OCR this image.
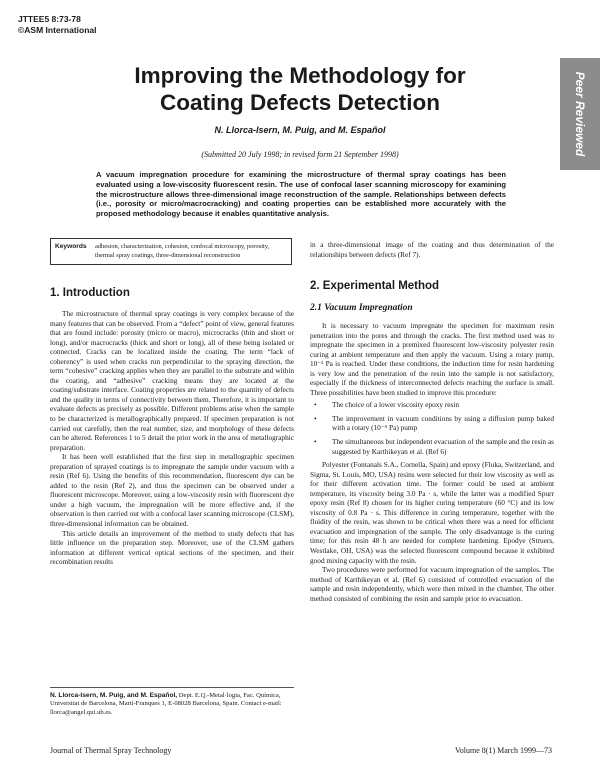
JTTEE5 8:73-78
©ASM International
Peer Reviewed
Improving the Methodology for
Coating Defects Detection
N. Llorca-Isern, M. Puig, and M. Español
(Submitted 20 July 1998; in revised form 21 September 1998)
A vacuum impregnation procedure for examining the microstructure of thermal spray coatings has been evaluated using a low-viscosity fluorescent resin. The use of confocal laser scanning microscopy for examining the microstructure allows three-dimensional image reconstruction of the sample. Relationships between defects (i.e., porosity or micro/macrocracking) and coating properties can be established more accurately with the proposed methodology because it enables quantitative analysis.
Keywords	adhesion, characterization, cohesion, confocal microscopy, porosity, thermal spray coatings, three-dimensional reconstruction
1. Introduction

The microstructure of thermal spray coatings is very complex because of the many features that can be observed. From a “defect” point of view, general features that are found include: porosity (micro or macro), microcracks (thin and short or long), and/or macrocracks (thick and short or long), all of these being isolated or connected. Cracks can be localized inside the coating. The term “lack of coherency” is used when cracks run perpendicular to the spraying direction, the term “cohesive” cracking applies when they are parallel to the substrate and within the coating, and “adhesive” cracking means they are located at the coating/substrate interface. Coating properties are related to the quantity of defects and the quality in terms of connectivity between them. Therefore, it is important to evaluate defects as precisely as possible. Different problems arise when the sample to be characterized is metallographically prepared. If specimen preparation is not carried out carefully, then the real number, size, and morphology of these defects can be altered. References 1 to 5 detail the prior work in the area of metallographic preparation.

It has been well established that the first step in metallographic specimen preparation of sprayed coatings is to impregnate the sample under vacuum with a resin (Ref 6). Using the benefits of this recommendation, fluorescent dye can be added to the resin (Ref 2), and thus the specimen can be observed under a fluorescent microscope. Moreover, using a low-viscosity resin with fluorescent dye under a high vacuum, the impregnation will be more effective and, if the observation is then carried out with a confocal laser scanning microscope (CLSM), three-dimensional information can be obtained.

This article details an improvement of the method to study defects that has little influence on the preparation step. Moreover, use of the CLSM gathers information at different vertical optical sections of the specimen, and their recombination results

N. Llorca-Isern, M. Puig, and M. Español, Dept. E.Q.-Metal·logia, Fac. Química, Universitat de Barcelona, Martí-Franques 1, E-08028 Barcelona, Spain. Contact e-mail: llorca@angel.qui.ub.es.

in a three-dimensional image of the coating and thus determination of the relationships between defects (Ref 7).

2. Experimental Method
2.1 Vacuum Impregnation

It is necessary to vacuum impregnate the specimen for maximum resin penetration into the pores and through the cracks. The first method used was to impregnate the specimen in a premixed fluorescent low-viscosity polyester resin curing at ambient temperature and then apply the vacuum. Using a rotary pump, 10⁻² Pa is reached. Under these conditions, the induction time for resin hardening is very low and the penetration of the resin into the sample is not satisfactory, especially if the thickness of interconnected defects reaching the surface is small. Three possibilities have been studied to improve this procedure:

• The choice of a lower viscosity epoxy resin
• The improvement in vacuum conditions by using a diffusion pump baked with a rotary (10⁻⁵ Pa) pump
• The simultaneous but independent evacuation of the sample and the resin as suggested by Karthikeyan et al. (Ref 6)

Polyester (Fontanals S.A., Cornella, Spain) and epoxy (Fluka, Switzerland, and Sigma, St. Louis, MO, USA) resins were selected for their low viscosity as well as for their different activation time. The former could be used at ambient temperature, its viscosity being 3.0 Pa · s, while the latter was a modified Spurr epoxy resin (Ref 8) chosen for its higher curing temperature (60 °C) and its low viscosity of 0.8 Pa · s. This difference in curing temperature, together with the fluidity of the resin, was shown to be critical when there was a need for efficient evacuation and impregnation of the sample. The only disadvantage is the curing time; for this resin 48 h are needed for complete hardening. Epodye (Struers, Westlake, OH, USA) was the selected fluorescent compound because it exhibited good mixing capacity with the resin.

Two procedures were performed for vacuum impregnation of the samples. The method of Karthikeyan et al. (Ref 6) consisted of controlled evacuation of the sample and resin independently, which were then mixed in the chamber. The other method consisted of combining the resin and sample prior to evacuation.

Journal of Thermal Spray Technology	Volume 8(1) March 1999—73
